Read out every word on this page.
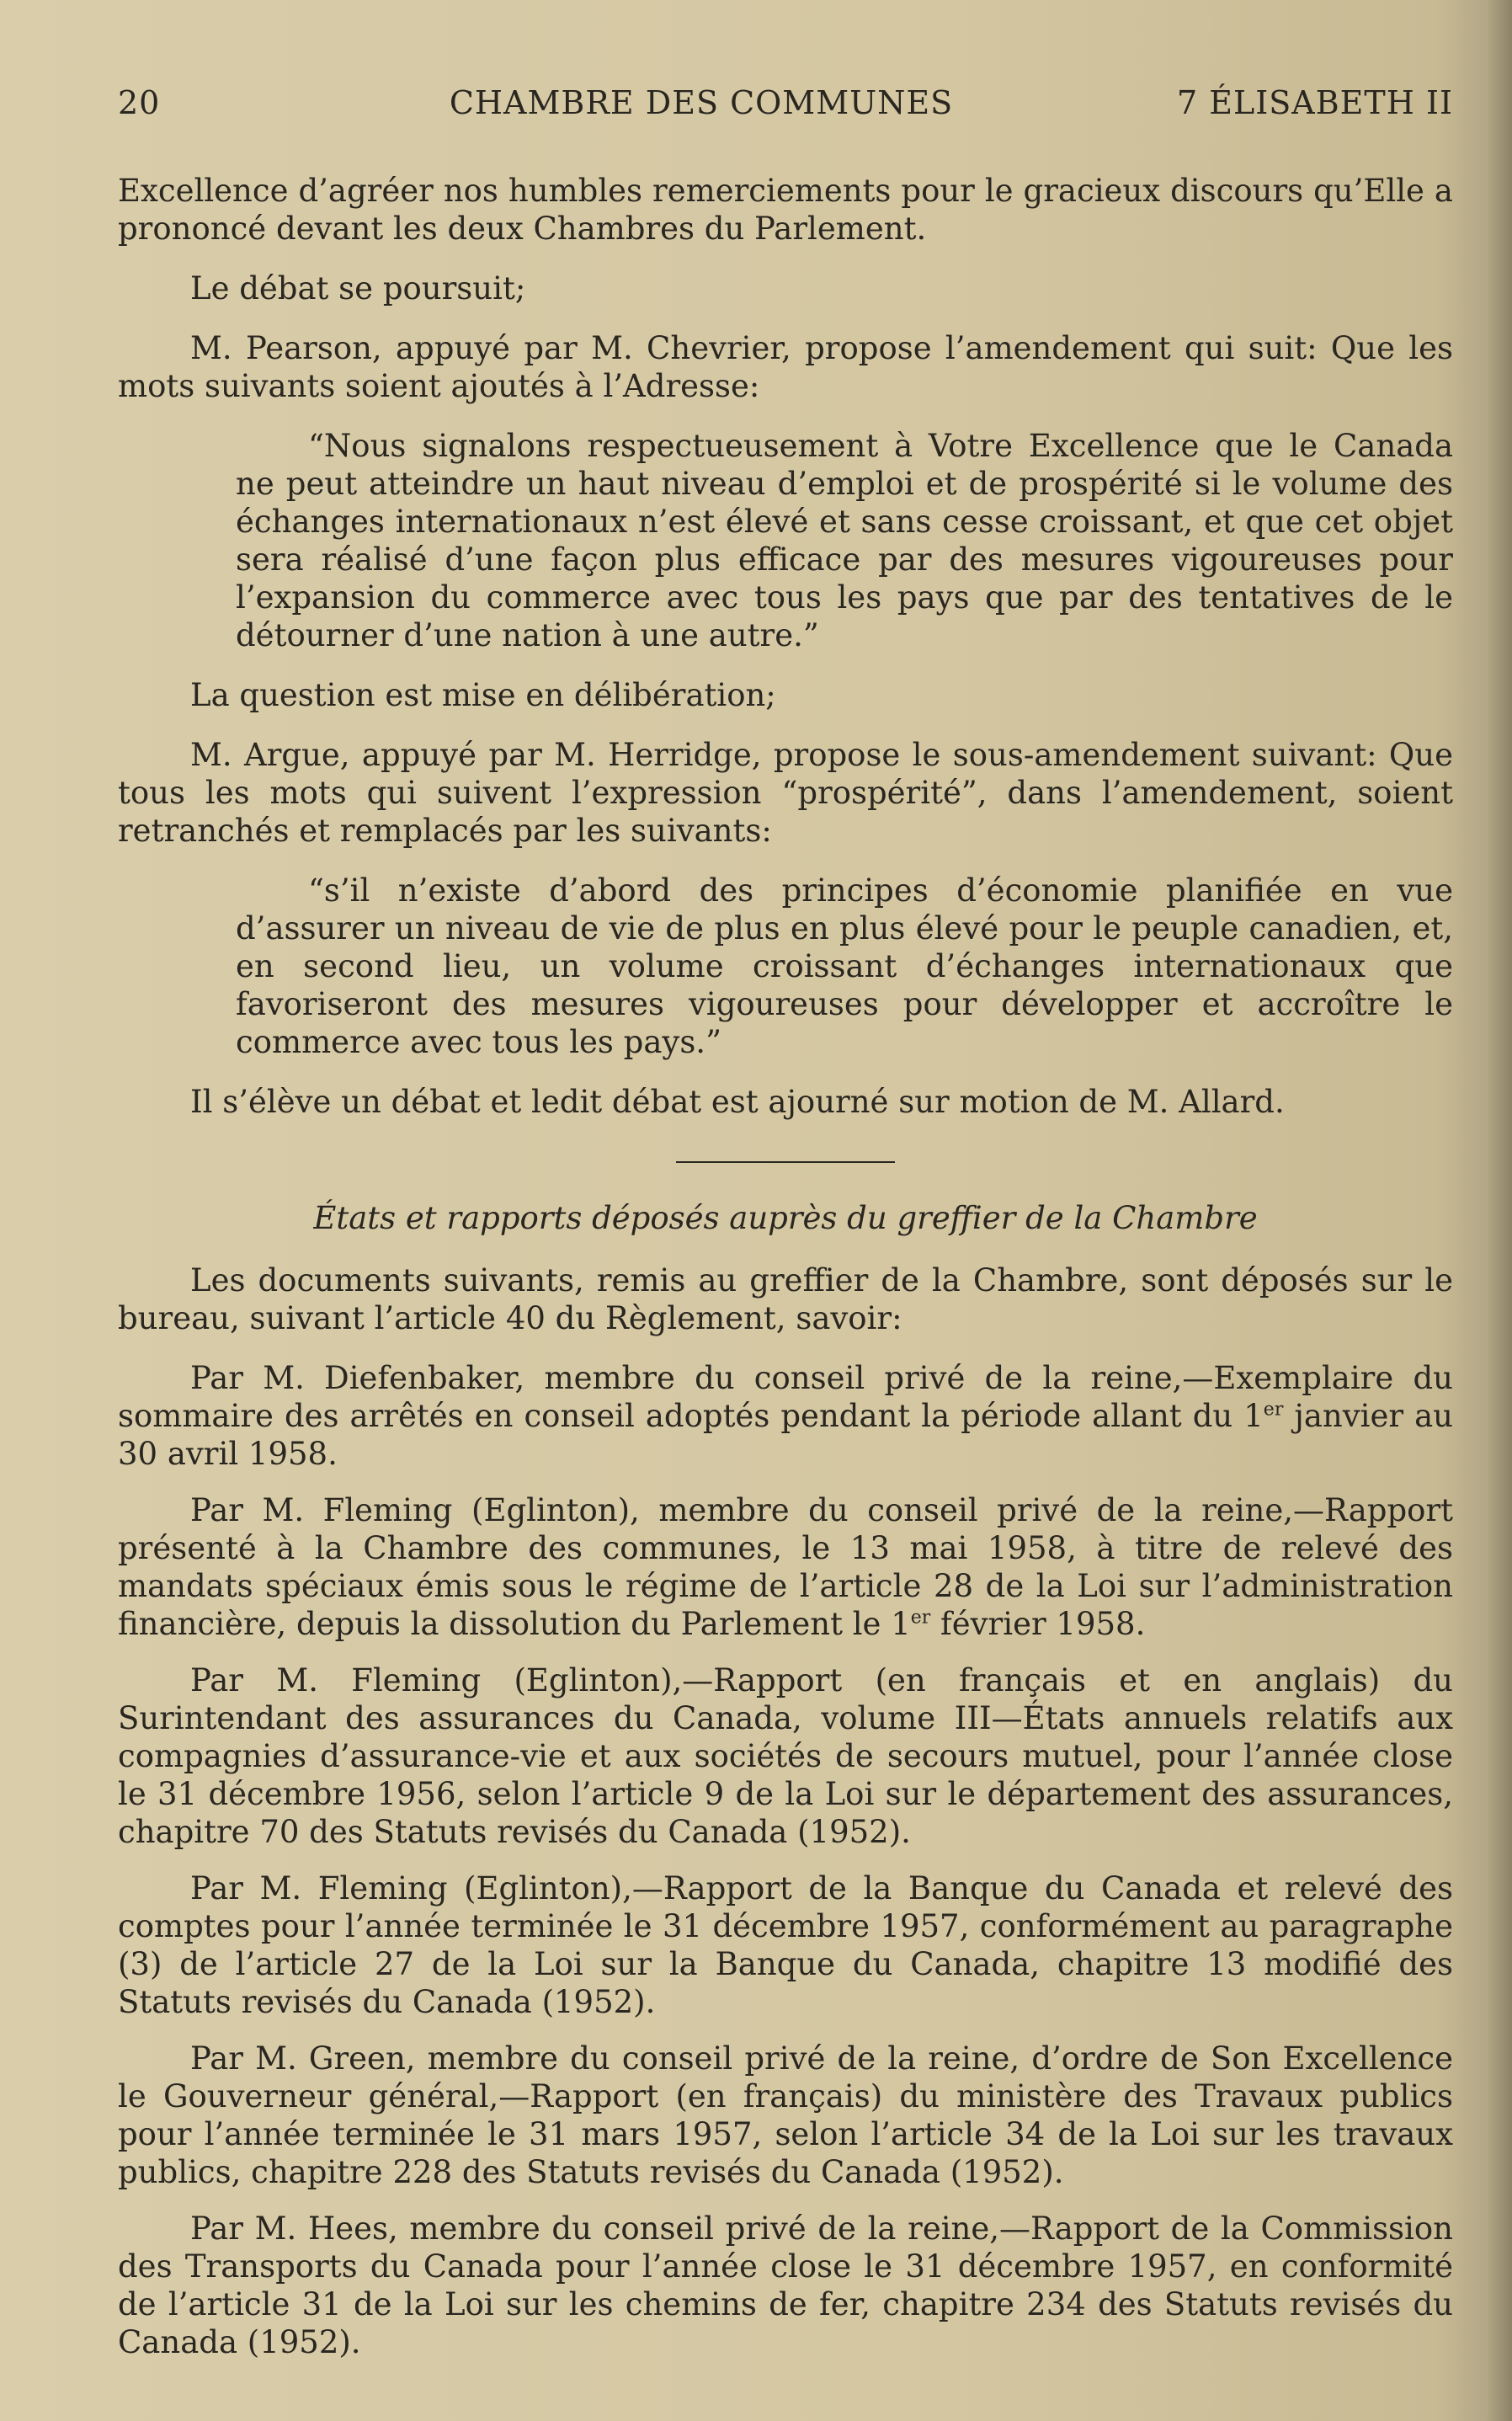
20	CHAMBRE DES COMMUNES	7 ÉLISABETH II

Excellence d’agréer nos humbles remerciements pour le gracieux discours qu’Elle a prononcé devant les deux Chambres du Parlement.

Le débat se poursuit;

M. Pearson, appuyé par M. Chevrier, propose l’amendement qui suit: Que les mots suivants soient ajoutés à l’Adresse:

“Nous signalons respectueusement à Votre Excellence que le Canada ne peut atteindre un haut niveau d’emploi et de prospérité si le volume des échanges internationaux n’est élevé et sans cesse croissant, et que cet objet sera réalisé d’une façon plus efficace par des mesures vigoureuses pour l’expansion du commerce avec tous les pays que par des tentatives de le détourner d’une nation à une autre.”

La question est mise en délibération;

M. Argue, appuyé par M. Herridge, propose le sous-amendement suivant: Que tous les mots qui suivent l’expression “prospérité”, dans l’amendement, soient retranchés et remplacés par les suivants:

“s’il n’existe d’abord des principes d’économie planifiée en vue d’assurer un niveau de vie de plus en plus élevé pour le peuple canadien, et, en second lieu, un volume croissant d’échanges internationaux que favoriseront des mesures vigoureuses pour développer et accroître le commerce avec tous les pays.”

Il s’élève un débat et ledit débat est ajourné sur motion de M. Allard.

États et rapports déposés auprès du greffier de la Chambre

Les documents suivants, remis au greffier de la Chambre, sont déposés sur le bureau, suivant l’article 40 du Règlement, savoir:

Par M. Diefenbaker, membre du conseil privé de la reine,—Exemplaire du sommaire des arrêtés en conseil adoptés pendant la période allant du 1er janvier au 30 avril 1958.

Par M. Fleming (Eglinton), membre du conseil privé de la reine,—Rapport présenté à la Chambre des communes, le 13 mai 1958, à titre de relevé des mandats spéciaux émis sous le régime de l’article 28 de la Loi sur l’administration financière, depuis la dissolution du Parlement le 1er février 1958.

Par M. Fleming (Eglinton),—Rapport (en français et en anglais) du Surintendant des assurances du Canada, volume III—États annuels relatifs aux compagnies d’assurance-vie et aux sociétés de secours mutuel, pour l’année close le 31 décembre 1956, selon l’article 9 de la Loi sur le département des assurances, chapitre 70 des Statuts revisés du Canada (1952).

Par M. Fleming (Eglinton),—Rapport de la Banque du Canada et relevé des comptes pour l’année terminée le 31 décembre 1957, conformément au paragraphe (3) de l’article 27 de la Loi sur la Banque du Canada, chapitre 13 modifié des Statuts revisés du Canada (1952).

Par M. Green, membre du conseil privé de la reine, d’ordre de Son Excellence le Gouverneur général,—Rapport (en français) du ministère des Travaux publics pour l’année terminée le 31 mars 1957, selon l’article 34 de la Loi sur les travaux publics, chapitre 228 des Statuts revisés du Canada (1952).

Par M. Hees, membre du conseil privé de la reine,—Rapport de la Commission des Transports du Canada pour l’année close le 31 décembre 1957, en conformité de l’article 31 de la Loi sur les chemins de fer, chapitre 234 des Statuts revisés du Canada (1952).
